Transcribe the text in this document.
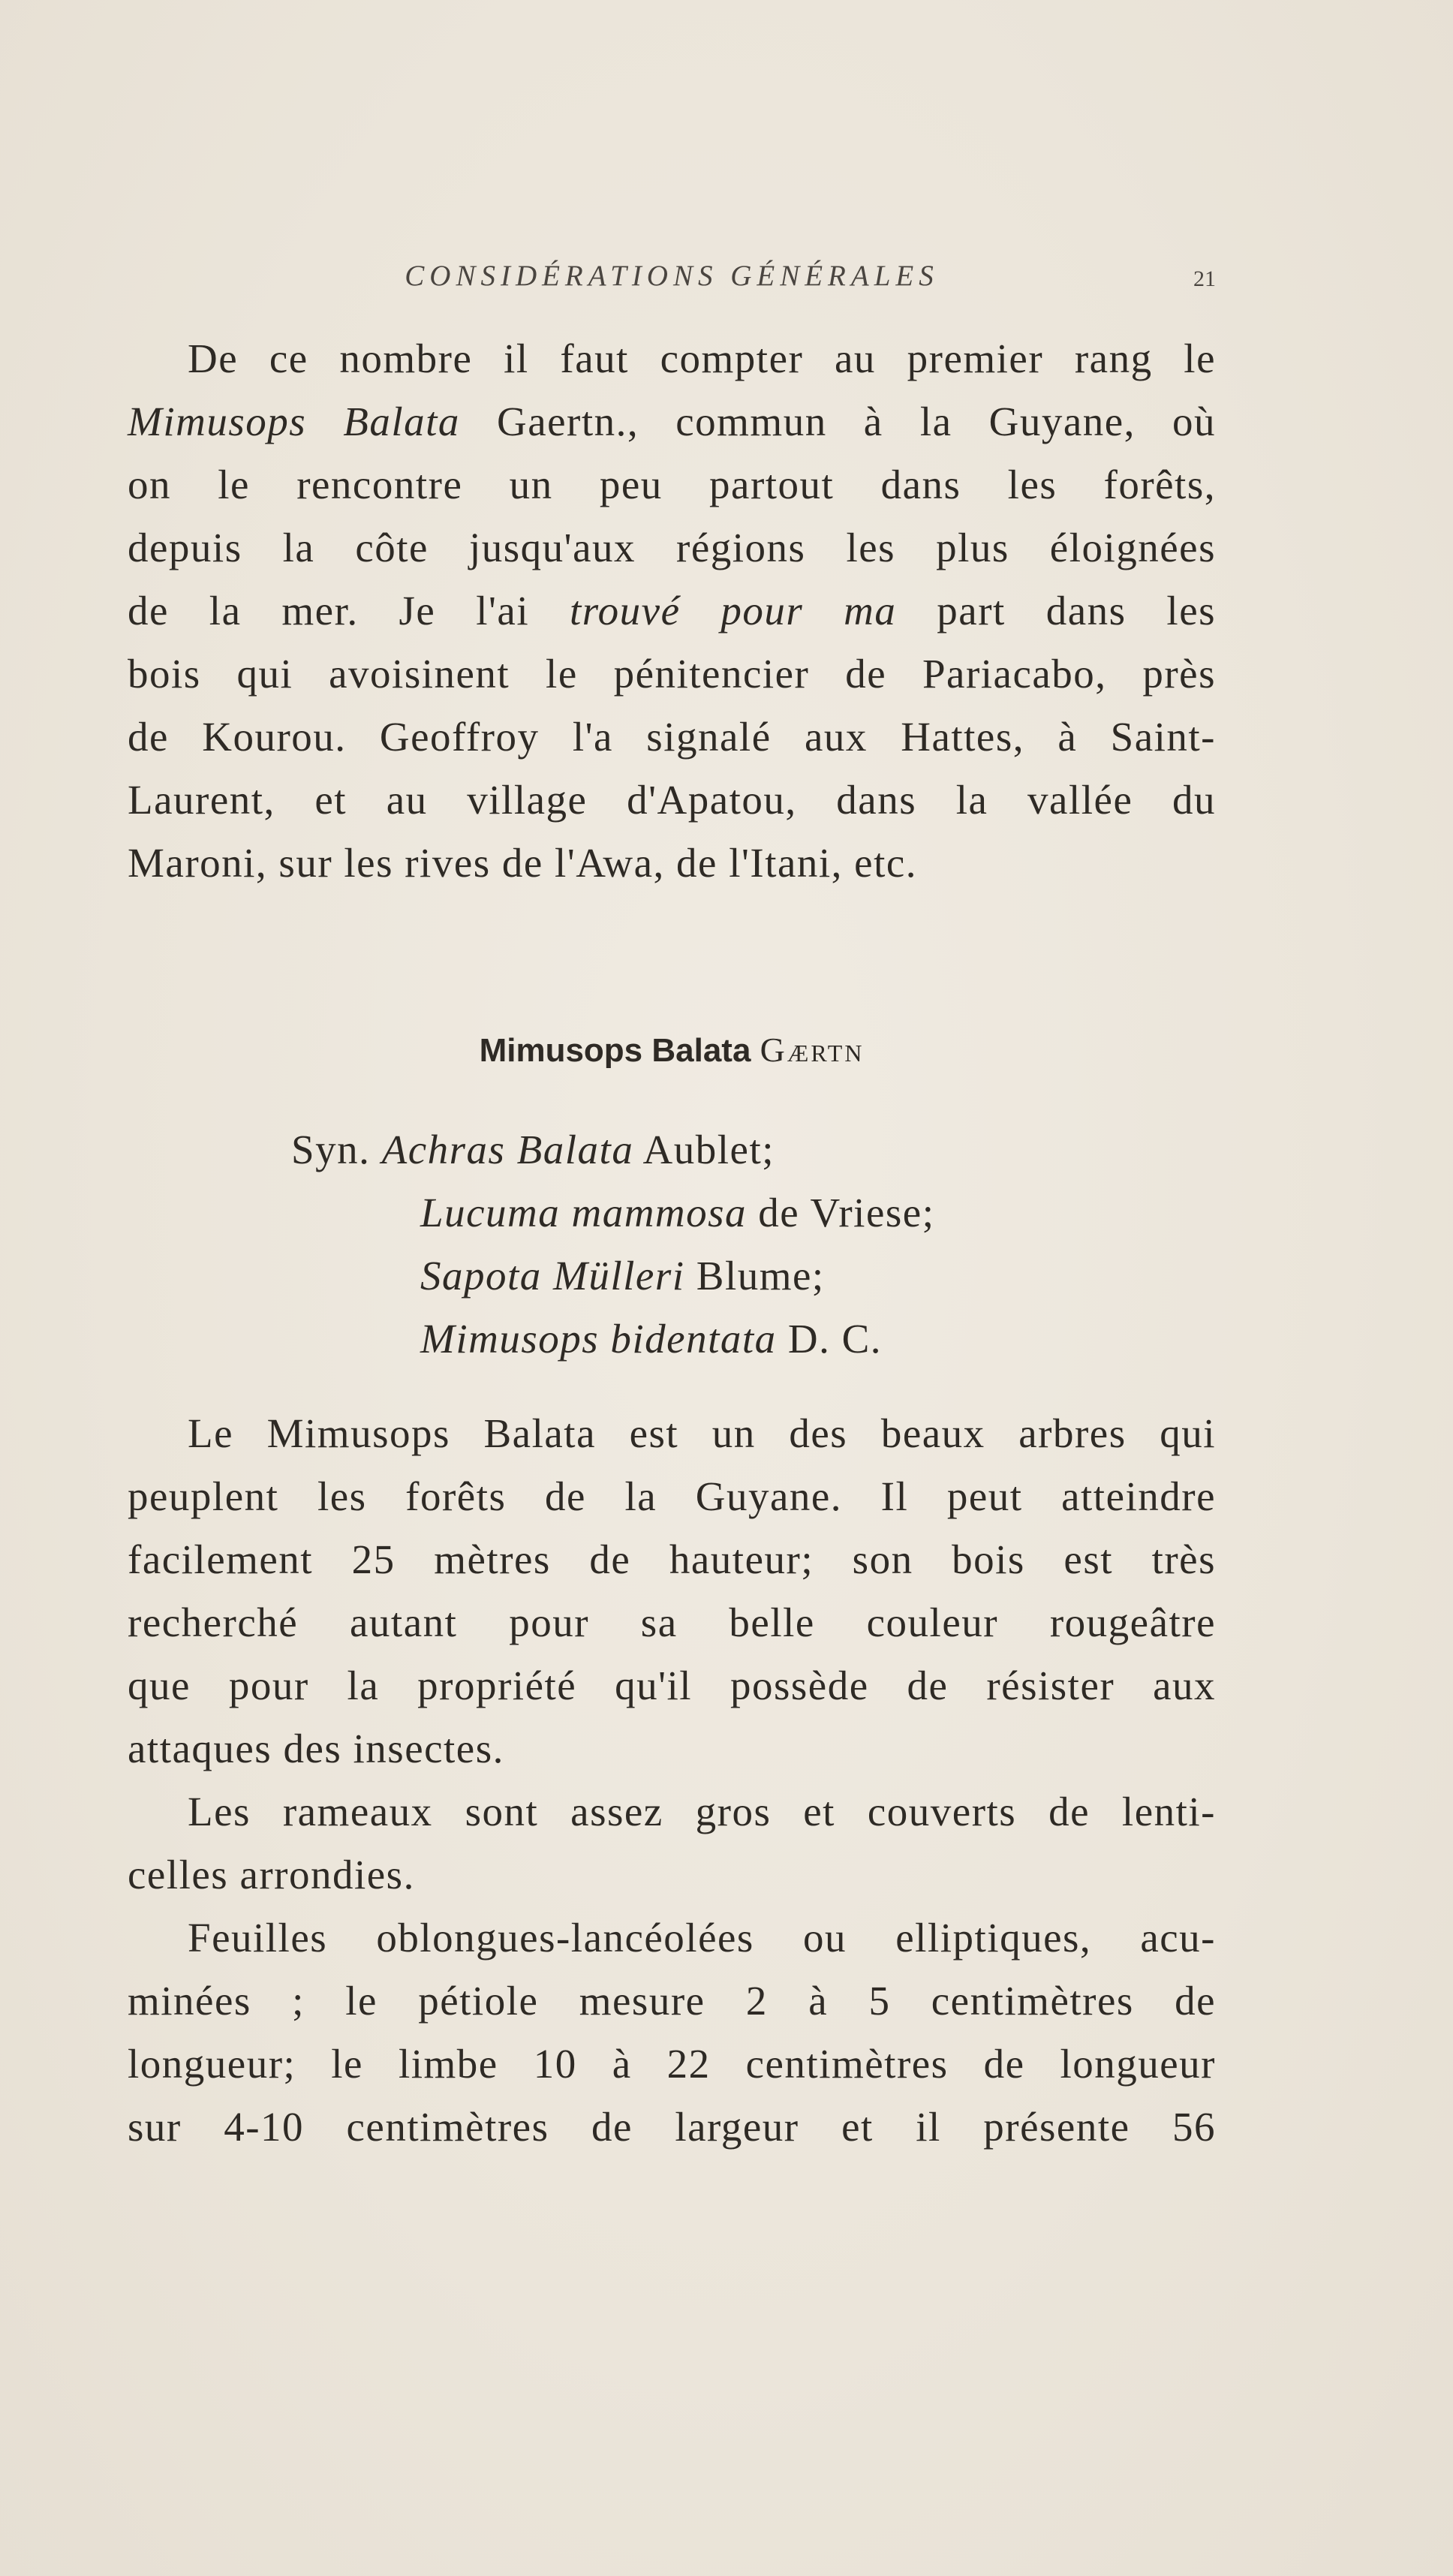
CONSIDÉRATIONS GÉNÉRALES	21
De ce nombre il faut compter au premier rang le
Mimusops Balata Gaertn., commun à la Guyane, où
on le rencontre un peu partout dans les forêts,
depuis la côte jusqu'aux régions les plus éloignées
de la mer. Je l'ai trouvé pour ma part dans les
bois qui avoisinent le pénitencier de Pariacabo, près
de Kourou. Geoffroy l'a signalé aux Hattes, à Saint-
Laurent, et au village d'Apatou, dans la vallée du
Maroni, sur les rives de l'Awa, de l'Itani, etc.
Mimusops Balata Gærtn
Syn. Achras Balata Aublet;
Lucuma mammosa de Vriese;
Sapota Mülleri Blume;
Mimusops bidentata D. C.
Le Mimusops Balata est un des beaux arbres qui
peuplent les forêts de la Guyane. Il peut atteindre
facilement 25 mètres de hauteur; son bois est très
recherché autant pour sa belle couleur rougeâtre
que pour la propriété qu'il possède de résister aux
attaques des insectes.
Les rameaux sont assez gros et couverts de lenti-
celles arrondies.
Feuilles oblongues-lancéolées ou elliptiques, acu-
minées ; le pétiole mesure 2 à 5 centimètres de
longueur; le limbe 10 à 22 centimètres de longueur
sur 4-10 centimètres de largeur et il présente 56
